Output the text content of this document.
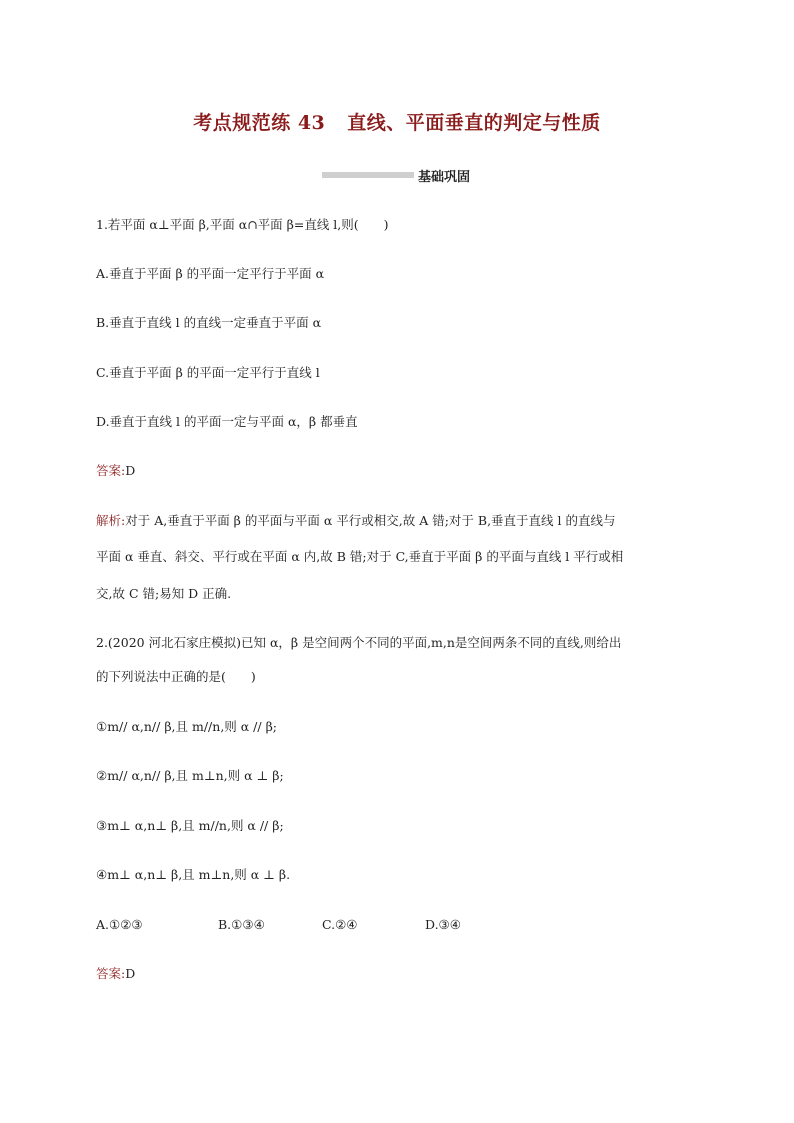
考点规范练 43 直线、平面垂直的判定与性质
基础巩固
1.若平面 α⊥平面 β,平面 α∩平面 β=直线 l,则(　　)
A.垂直于平面 β 的平面一定平行于平面 α
B.垂直于直线 l 的直线一定垂直于平面 α
C.垂直于平面 β 的平面一定平行于直线 l
D.垂直于直线 l 的平面一定与平面 α，β 都垂直
答案:D
解析:对于 A,垂直于平面 β 的平面与平面 α 平行或相交,故 A 错;对于 B,垂直于直线 l 的直线与
平面 α 垂直、斜交、平行或在平面 α 内,故 B 错;对于 C,垂直于平面 β 的平面与直线 l 平行或相
交,故 C 错;易知 D 正确.
2.(2020 河北石家庄模拟)已知 α，β 是空间两个不同的平面,m,n是空间两条不同的直线,则给出
的下列说法中正确的是(　　)
①m// α,n// β,且 m//n,则 α // β;
②m// α,n// β,且 m⊥n,则 α ⊥ β;
③m⊥ α,n⊥ β,且 m//n,则 α // β;
④m⊥ α,n⊥ β,且 m⊥n,则 α ⊥ β.
A.①②③	B.①③④	C.②④	D.③④
答案:D
